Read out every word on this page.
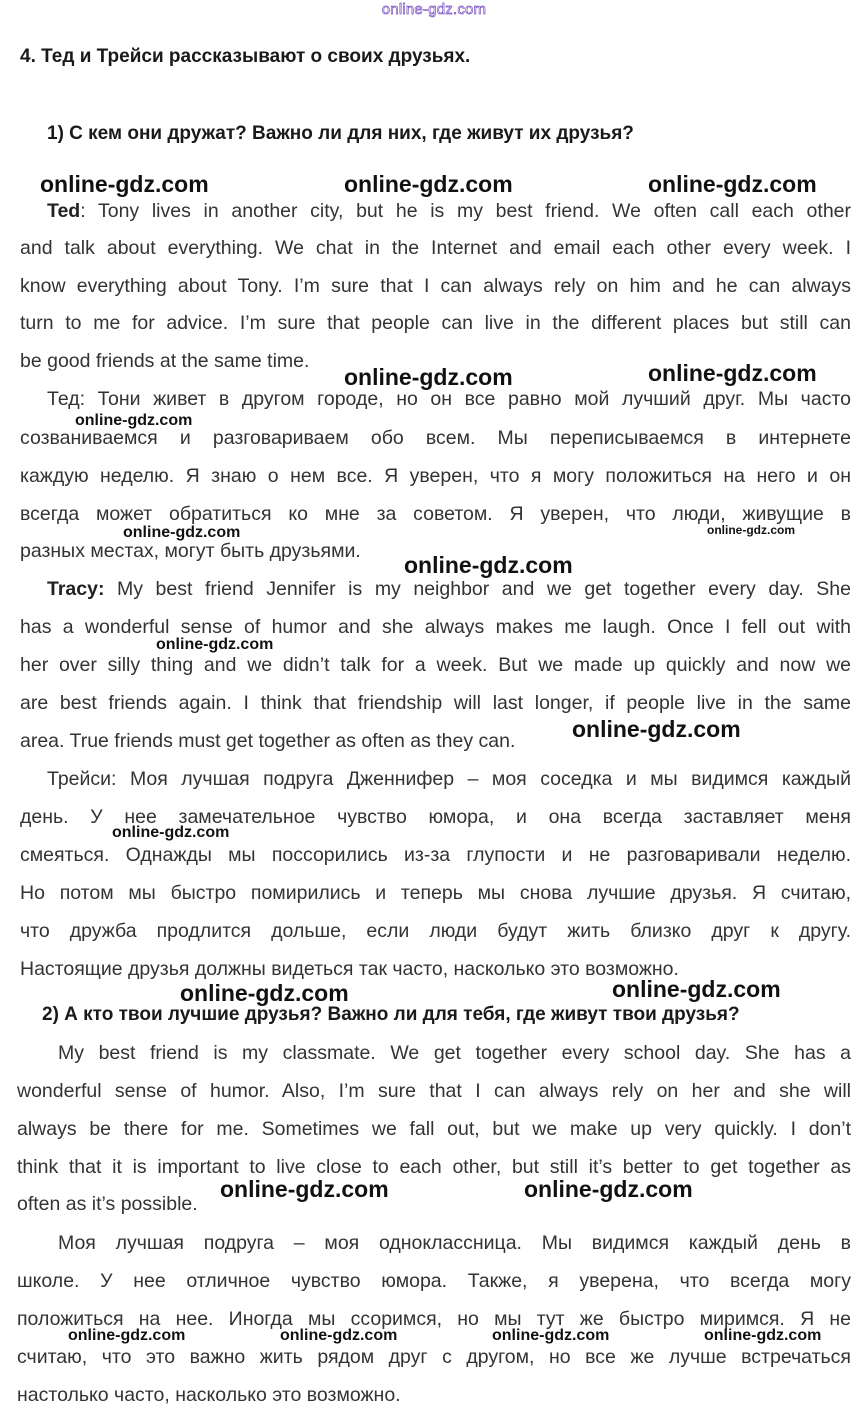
online-gdz.com
4. Тед и Трейси рассказывают о своих друзьях.
1) С кем они дружат? Важно ли для них, где живут их друзья?
Ted: Tony lives in another city, but he is my best friend. We often call each other
and talk about everything. We chat in the Internet and email each other every week. I
know everything about Tony. I’m sure that I can always rely on him and he can always
turn to me for advice. I’m sure that people can live in the different places but still can
be good friends at the same time.
Тед: Тони живет в другом городе, но он все равно мой лучший друг. Мы часто
созваниваемся и разговариваем обо всем. Мы переписываемся в интернете
каждую неделю. Я знаю о нем все. Я уверен, что я могу положиться на него и он
всегда может обратиться ко мне за советом. Я уверен, что люди, живущие в
разных местах, могут быть друзьями.
Tracy: My best friend Jennifer is my neighbor and we get together every day. She
has a wonderful sense of humor and she always makes me laugh. Once I fell out with
her over silly thing and we didn’t talk for a week. But we made up quickly and now we
are best friends again. I think that friendship will last longer, if people live in the same
area. True friends must get together as often as they can.
Трейси: Моя лучшая подруга Дженнифер – моя соседка и мы видимся каждый
день. У нее замечательное чувство юмора, и она всегда заставляет меня
смеяться. Однажды мы поссорились из-за глупости и не разговаривали неделю.
Но потом мы быстро помирились и теперь мы снова лучшие друзья. Я считаю,
что дружба продлится дольше, если люди будут жить близко друг к другу.
Настоящие друзья должны видеться так часто, насколько это возможно.
2) А кто твои лучшие друзья? Важно ли для тебя, где живут твои друзья?
My best friend is my classmate. We get together every school day. She has a
wonderful sense of humor. Also, I’m sure that I can always rely on her and she will
always be there for me. Sometimes we fall out, but we make up very quickly. I don’t
think that it is important to live close to each other, but still it’s better to get together as
often as it’s possible.
Моя лучшая подруга – моя одноклассница. Мы видимся каждый день в
школе. У нее отличное чувство юмора. Также, я уверена, что всегда могу
положиться на нее. Иногда мы ссоримся, но мы тут же быстро миримся. Я не
считаю, что это важно жить рядом друг с другом, но все же лучше встречаться
настолько часто, насколько это возможно.
online-gdz.com	online-gdz.com	online-gdz.com
online-gdz.com	online-gdz.com
online-gdz.com
online-gdz.com	online-gdz.com
online-gdz.com
online-gdz.com
online-gdz.com
online-gdz.com
online-gdz.com	online-gdz.com
online-gdz.com	online-gdz.com
online-gdz.com	online-gdz.com	online-gdz.com	online-gdz.com
